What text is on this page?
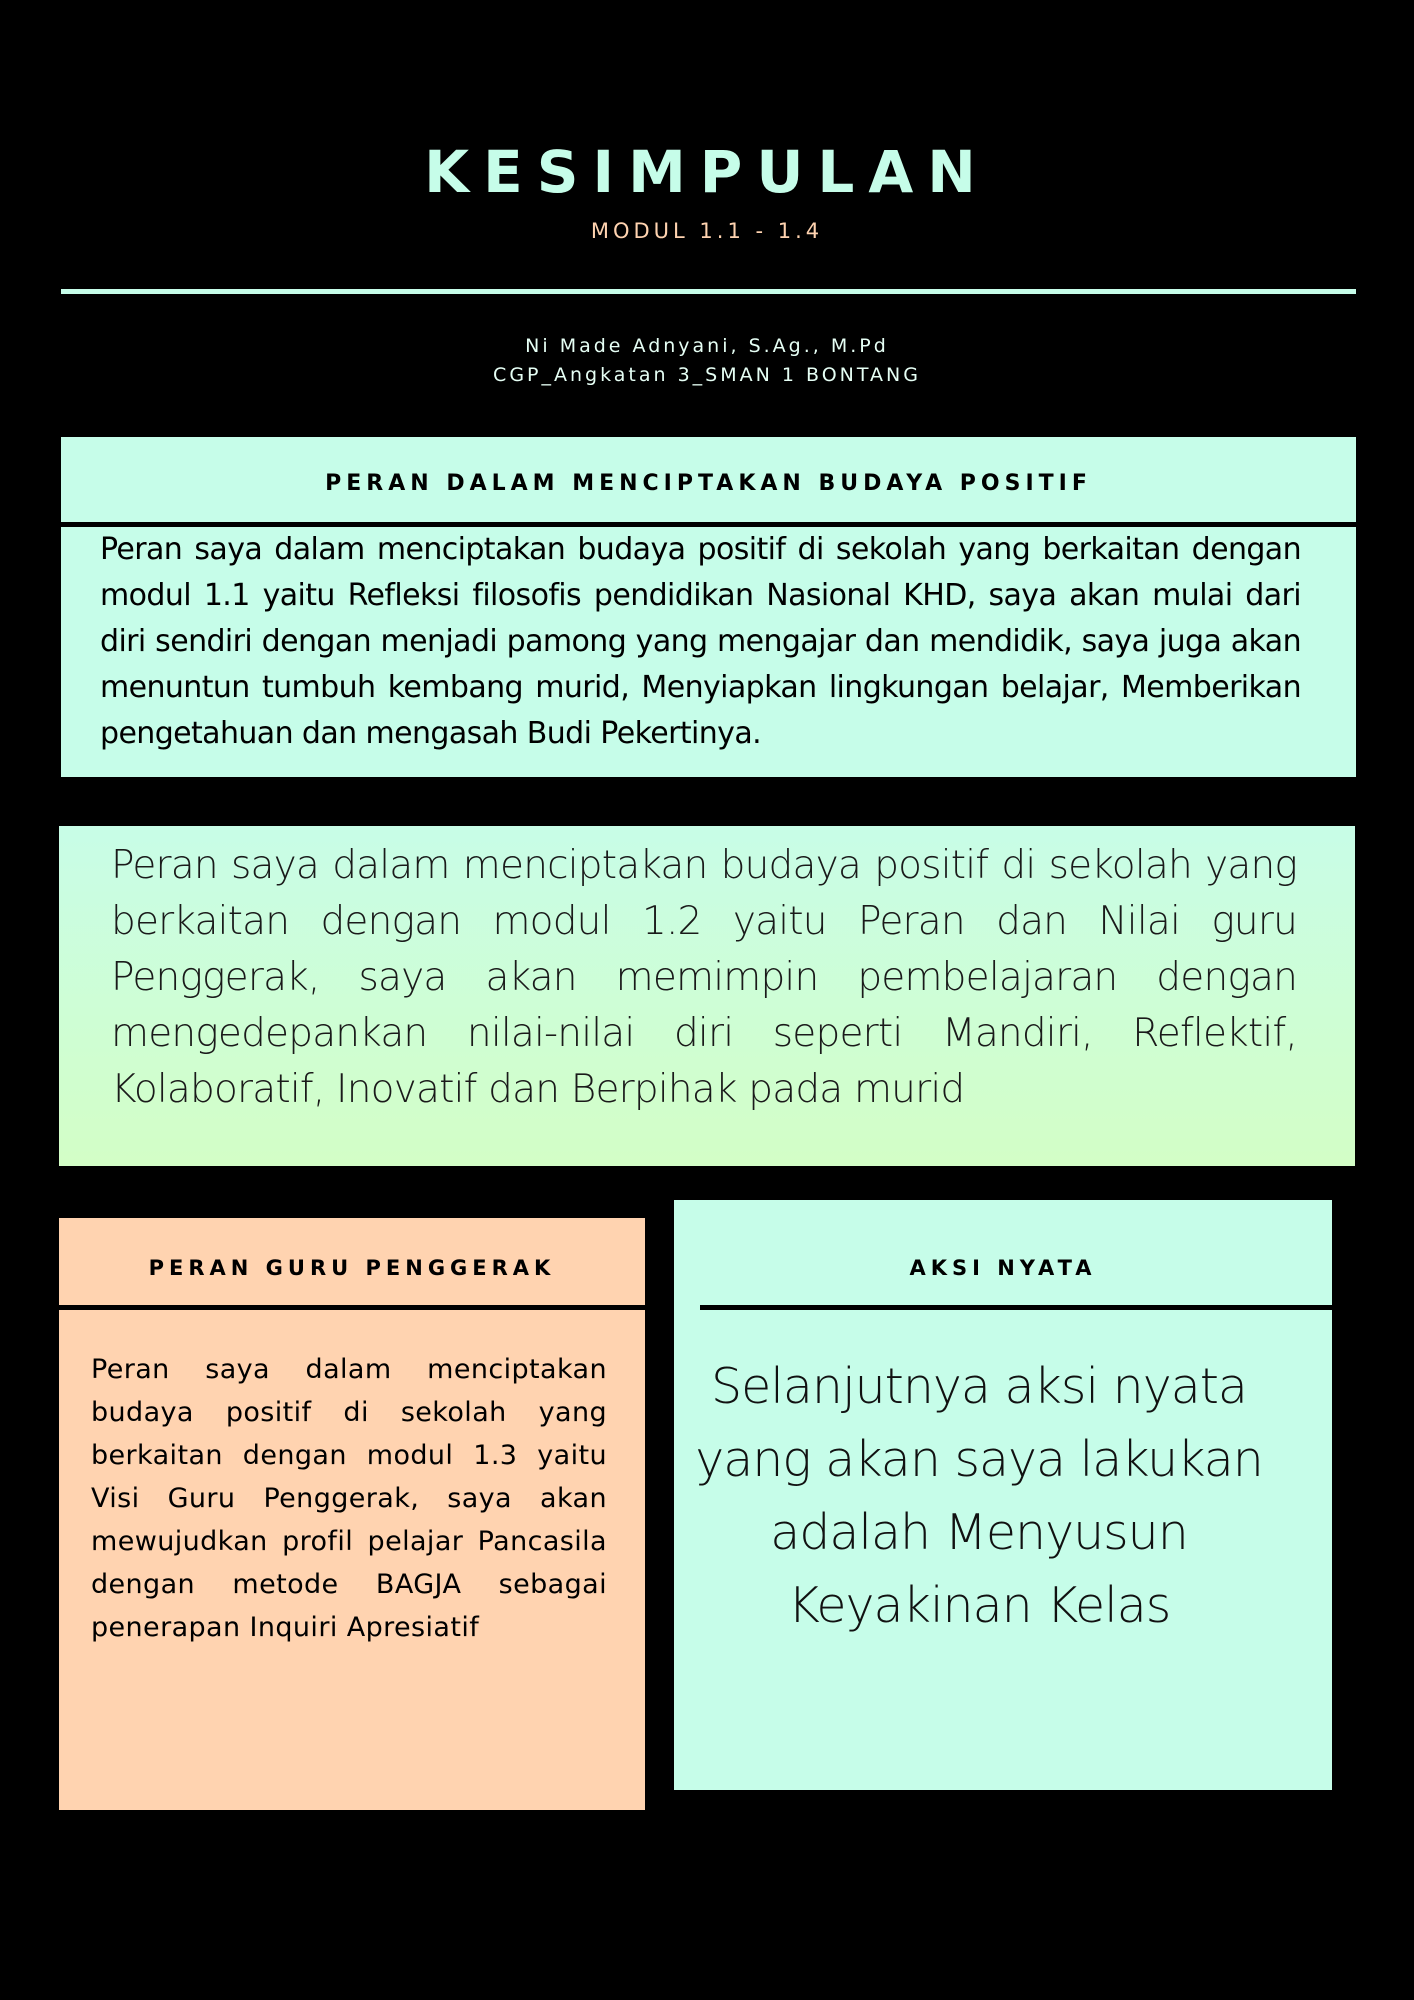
KESIMPULAN
MODUL 1.1 - 1.4
Ni Made Adnyani, S.Ag., M.Pd
CGP_Angkatan 3_SMAN 1 BONTANG
PERAN DALAM MENCIPTAKAN BUDAYA POSITIF
Peran saya dalam menciptakan budaya positif di sekolah yang berkaitan dengan modul 1.1 yaitu Refleksi filosofis pendidikan Nasional KHD, saya akan mulai dari diri sendiri dengan menjadi pamong yang mengajar dan mendidik, saya juga akan menuntun tumbuh kembang murid, Menyiapkan lingkungan belajar, Memberikan pengetahuan dan mengasah Budi Pekertinya.
Peran saya dalam menciptakan budaya positif di sekolah yang berkaitan dengan modul 1.2 yaitu Peran dan Nilai guru Penggerak, saya akan memimpin pembelajaran dengan mengedepankan nilai-nilai diri seperti Mandiri, Reflektif, Kolaboratif, Inovatif dan Berpihak pada murid
PERAN GURU PENGGERAK
Peran saya dalam menciptakan budaya positif di sekolah yang berkaitan dengan modul 1.3 yaitu Visi Guru Penggerak, saya akan mewujudkan profil pelajar Pancasila dengan metode BAGJA sebagai penerapan Inquiri Apresiatif
AKSI NYATA
Selanjutnya aksi nyata yang akan saya lakukan adalah Menyusun Keyakinan Kelas
